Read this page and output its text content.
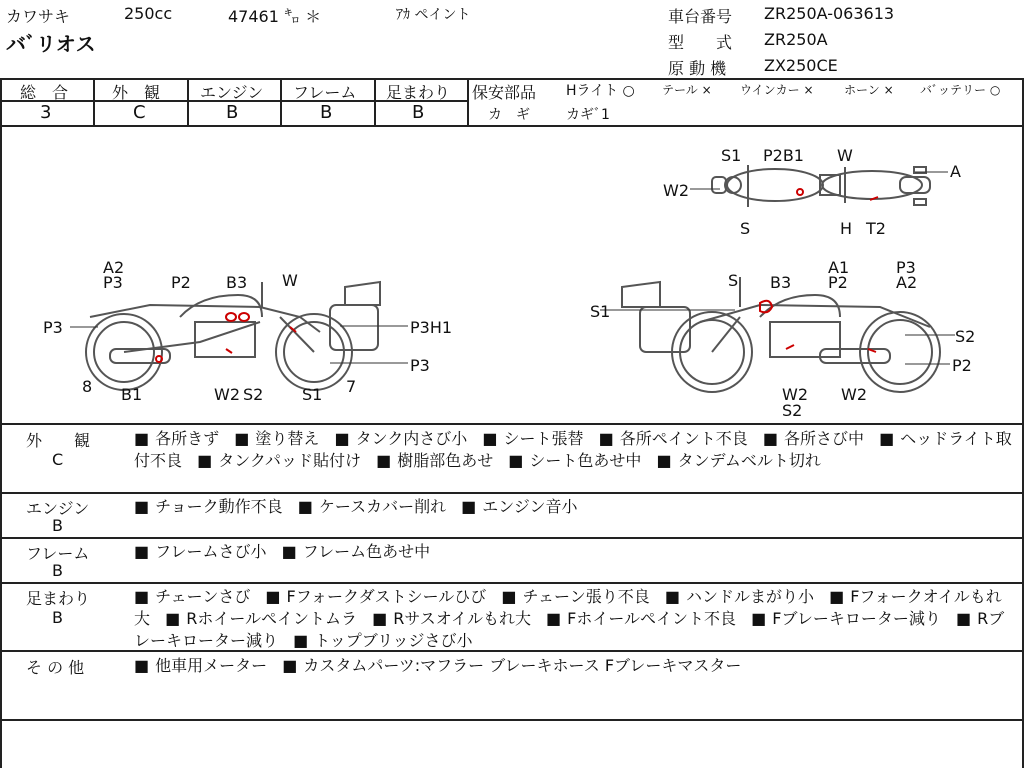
カワサキ	250cc	47461 ㌔ ＊	ｱｶ ペイント
バﾞリオス
車台番号 ZR250A-063613
型　　式 ZR250A
原 動 機 ZX250CE
総　合	外　観 エンジン フレーム 足まわり
3	C	B	B	B
保安部品 Hライト ○ テール × ウインカー ×	ホーン × バﾞッテリー ○
カ　ギ	カギﾞ1
S1 P2B1 W
W2
A
S	H T2
A2
P3	P2 B3 W
P3	P3H1
P3
8 B1	W2 S2 S1 7
S B3
A1
P2
P3
A2
S1
S2
P2
W2
S2
W2
外　　観
C
■ 各所きず ■ 塗り替え ■ タンク内さび小 ■ シート張替 ■ 各所ペイント不良 ■ 各所さび中 ■ ヘッドライト取付不良 ■ タンクパッド貼付け ■ 樹脂部色あせ ■ シート色あせ中 ■ タンデムベルト切れ
エンジン
B
■ チョーク動作不良 ■ ケースカバー削れ ■ エンジン音小
フレーム
B
■ フレームさび小 ■ フレーム色あせ中
足まわり
B
■ チェーンさび ■ Fフォークダストシールひび ■ チェーン張り不良 ■ ハンドルまがり小 ■ Fフォークオイルもれ大 ■ Rホイールペイントムラ ■ Rサスオイルもれ大 ■ Fホイールペイント不良 ■ Fブレーキローター減り ■ Rブレーキローター減り ■ トップブリッジさび小
そ の 他	■ 他車用メーター ■ カスタムパーツ:マフラー ブレーキホース Fブレーキマスター
